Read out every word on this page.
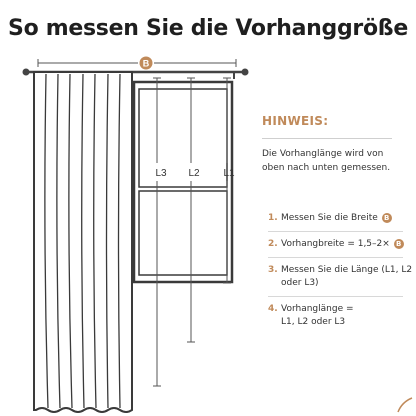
So messen Sie die Vorhanggröße
B
L3 L2 L1
HINWEIS:
Die Vorhanglänge wird von oben nach unten gemessen.
1. Messen Sie die Breite B
2. Vorhangbreite = 1,5–2× B
3. Messen Sie die Länge (L1, L2 oder L3)
4. Vorhanglänge = L1, L2 oder L3
